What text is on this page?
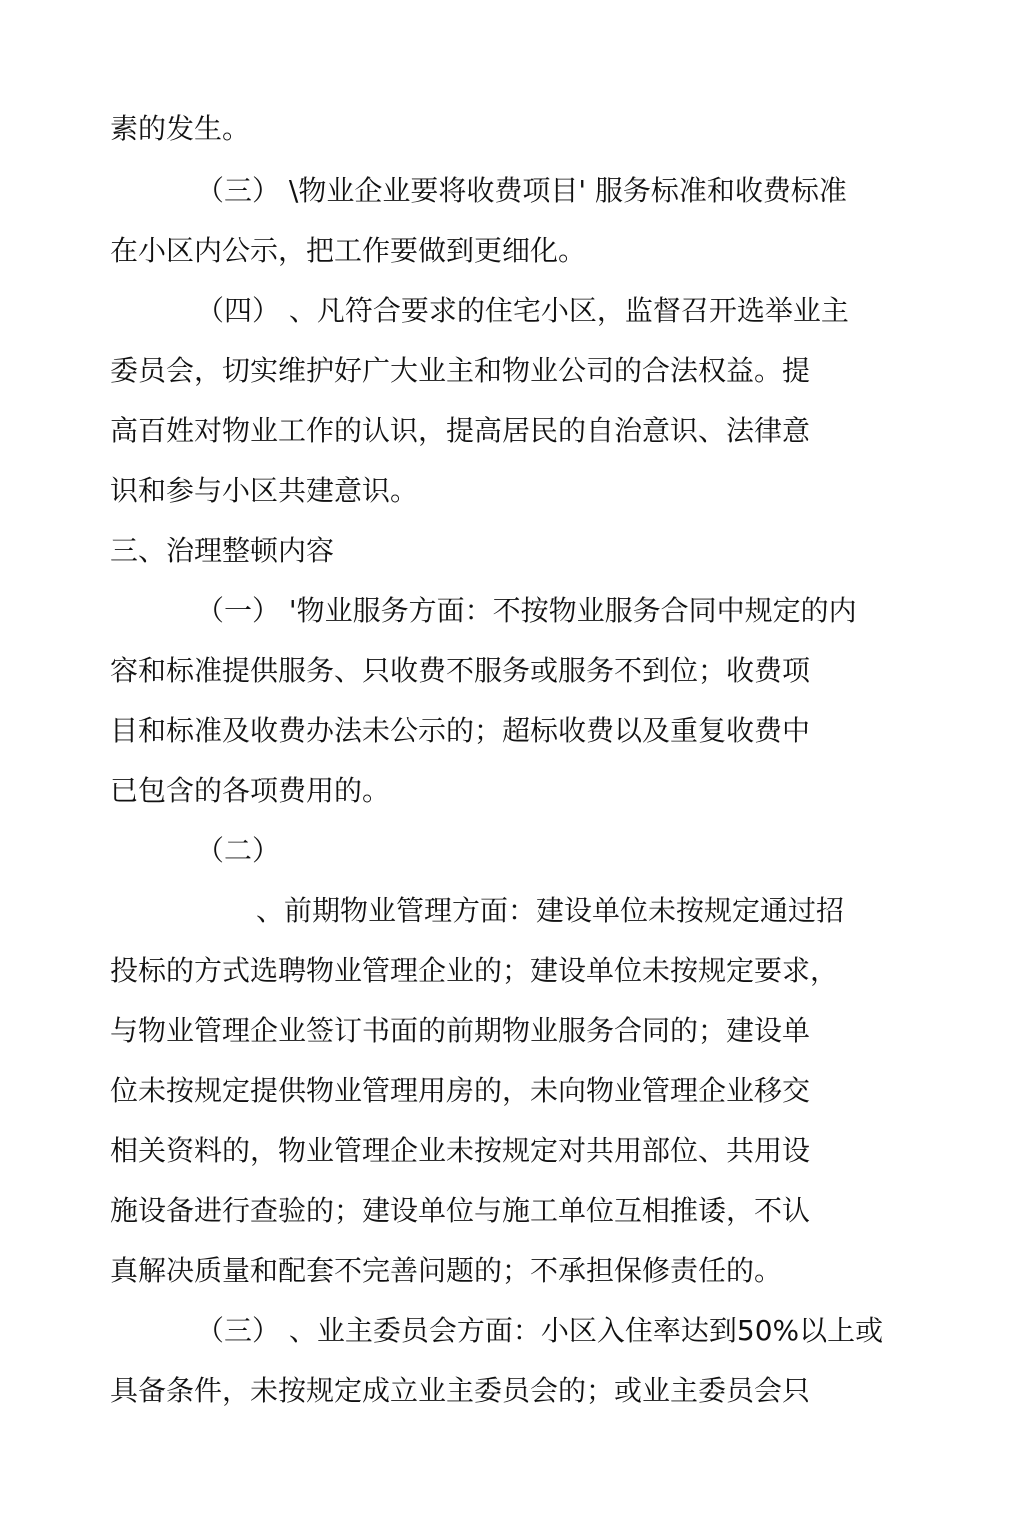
素的发生。
（三） \物业企业要将收费项目' 服务标准和收费标准
在小区内公示，把工作要做到更细化。
（四） 、凡符合要求的住宅小区，监督召开选举业主
委员会，切实维护好广大业主和物业公司的合法权益。提
高百姓对物业工作的认识，提高居民的自治意识、法律意
识和参与小区共建意识。
三、治理整顿内容
（一） '物业服务方面：不按物业服务合同中规定的内
容和标准提供服务、只收费不服务或服务不到位；收费项
目和标准及收费办法未公示的；超标收费以及重复收费中
已包含的各项费用的。
（二）
、前期物业管理方面：建设单位未按规定通过招
投标的方式选聘物业管理企业的；建设单位未按规定要求，
与物业管理企业签订书面的前期物业服务合同的；建设单
位未按规定提供物业管理用房的，未向物业管理企业移交
相关资料的，物业管理企业未按规定对共用部位、共用设
施设备进行查验的；建设单位与施工单位互相推诿，不认
真解决质量和配套不完善问题的；不承担保修责任的。
（三） 、业主委员会方面：小区入住率达到50%以上或
具备条件，未按规定成立业主委员会的；或业主委员会只
